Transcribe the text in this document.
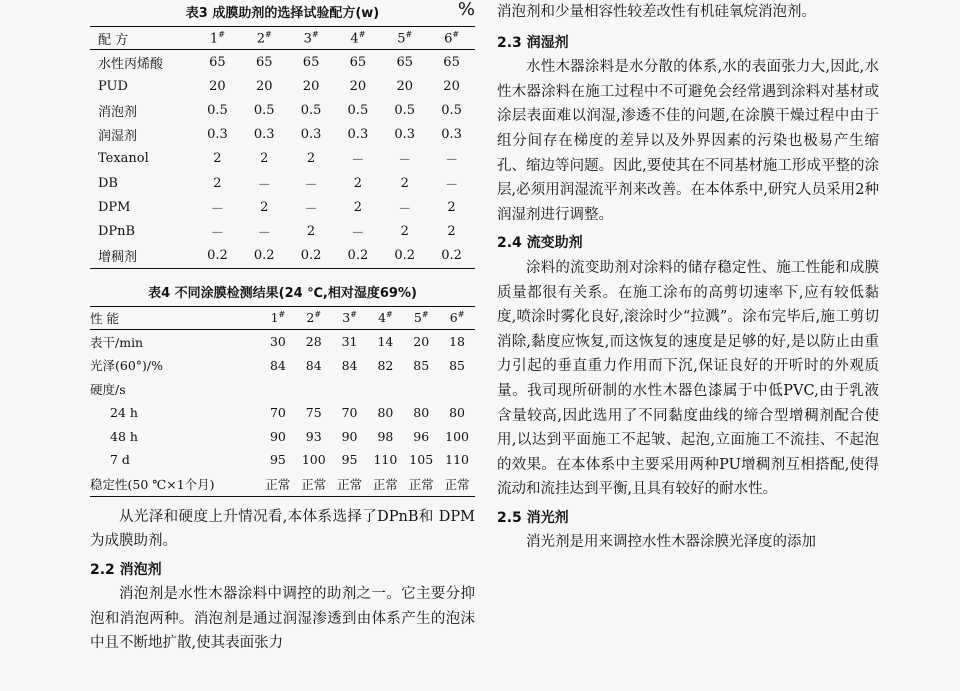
表3 成膜助剂的选择试验配方(w)	%
配 方	1#	2#	3#	4#	5#	6#
水性丙烯酸	65	65	65	65	65	65
PUD	20	20	20	20	20	20
消泡剂	0.5	0.5	0.5	0.5	0.5	0.5
润湿剂	0.3	0.3	0.3	0.3	0.3	0.3
Texanol	2	2	2	－	－	－
DB	2	－	－	2	2	－
DPM	－	2	－	2	－	2
DPnB	－	－	2	－	2	2
增稠剂	0.2	0.2	0.2	0.2	0.2	0.2
表4 不同涂膜检测结果(24 ℃,相对湿度69%)
性 能	1#	2#	3#	4#	5#	6#
表干/min	30	28	31	14	20	18
光泽(60°)/%	84	84	84	82	85	85
硬度/s						
24 h	70	75	70	80	80	80
48 h	90	93	90	98	96	100
7 d	95	100	95	110	105	110
稳定性(50 ℃×1个月)	正常	正常	正常	正常	正常	正常

从光泽和硬度上升情况看,本体系选择了DPnB和 DPM为成膜助剂。

2.2 消泡剂

消泡剂是水性木器涂料中调控的助剂之一。它主要分抑泡和消泡两种。消泡剂是通过润湿渗透到由体系产生的泡沫中且不断地扩散,使其表面张力

消泡剂和少量相容性较差改性有机硅氧烷消泡剂。

2.3 润湿剂

水性木器涂料是水分散的体系,水的表面张力大,因此,水性木器涂料在施工过程中不可避免会经常遇到涂料对基材或涂层表面难以润湿,渗透不佳的问题,在涂膜干燥过程中由于组分间存在梯度的差异以及外界因素的污染也极易产生缩孔、缩边等问题。因此,要使其在不同基材施工形成平整的涂层,必须用润湿流平剂来改善。在本体系中,研究人员采用2种润湿剂进行调整。

2.4 流变助剂

涂料的流变助剂对涂料的储存稳定性、施工性能和成膜质量都很有关系。在施工涂布的高剪切速率下,应有较低黏度,喷涂时雾化良好,滚涂时少“拉溅”。涂布完毕后,施工剪切消除,黏度应恢复,而这恢复的速度是足够的好,是以防止由重力引起的垂直重力作用而下沉,保证良好的开听时的外观质量。我司现所研制的水性木器色漆属于中低PVC,由于乳液含量较高,因此选用了不同黏度曲线的缔合型增稠剂配合使用,以达到平面施工不起皱、起泡,立面施工不流挂、不起泡的效果。在本体系中主要采用两种PU增稠剂互相搭配,使得流动和流挂达到平衡,且具有较好的耐水性。

2.5 消光剂

消光剂是用来调控水性木器涂膜光泽度的添加
